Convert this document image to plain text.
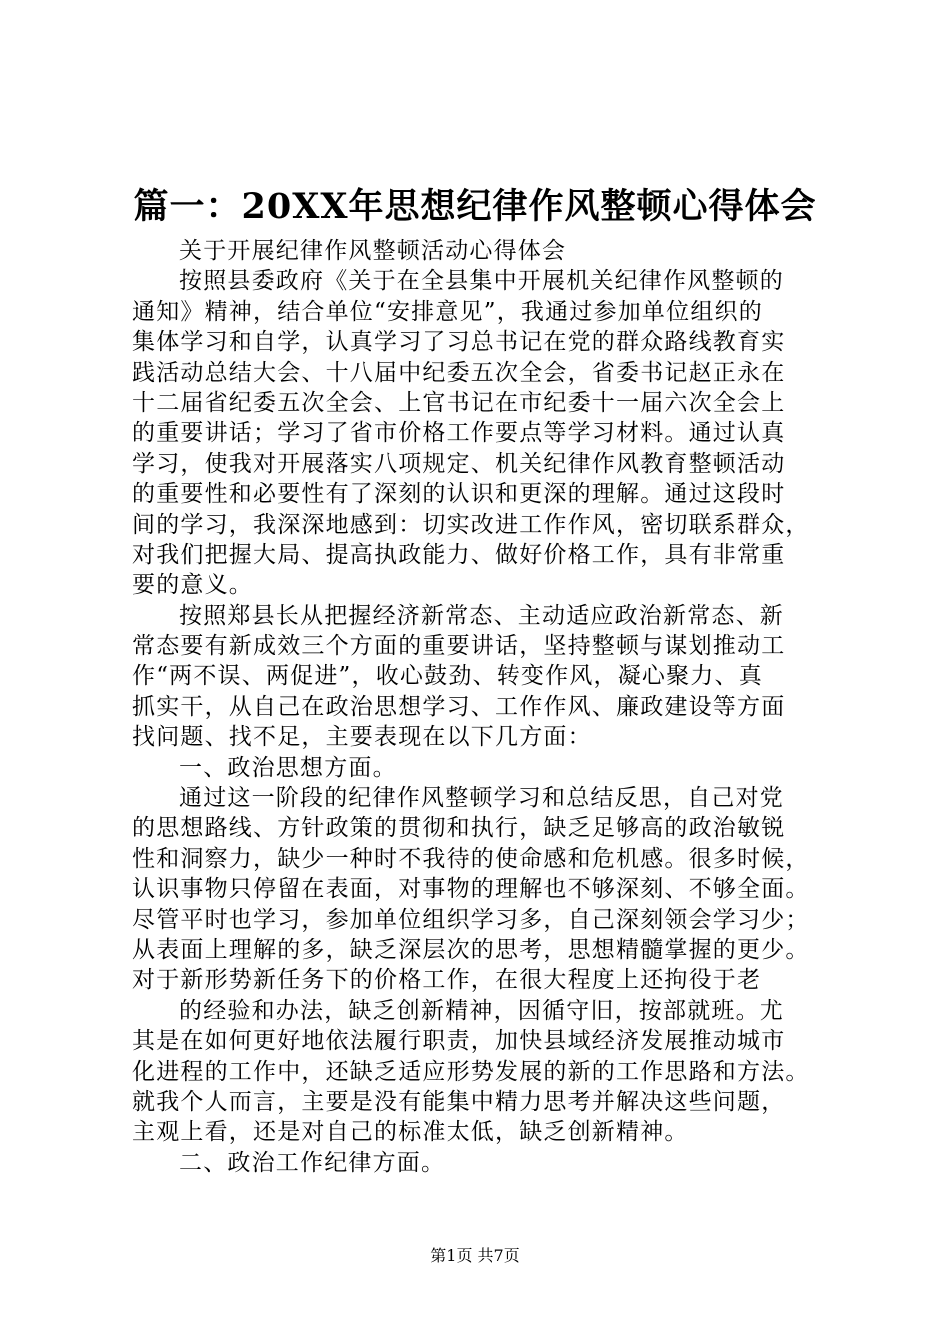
篇一：20XX年思想纪律作风整顿心得体会
关于开展纪律作风整顿活动心得体会
按照县委政府《关于在全县集中开展机关纪律作风整顿的
通知》精神，结合单位“安排意见”，我通过参加单位组织的
集体学习和自学，认真学习了习总书记在党的群众路线教育实
践活动总结大会、十八届中纪委五次全会，省委书记赵正永在
十二届省纪委五次全会、上官书记在市纪委十一届六次全会上
的重要讲话；学习了省市价格工作要点等学习材料。通过认真
学习，使我对开展落实八项规定、机关纪律作风教育整顿活动
的重要性和必要性有了深刻的认识和更深的理解。通过这段时
间的学习，我深深地感到：切实改进工作作风，密切联系群众，
对我们把握大局、提高执政能力、做好价格工作，具有非常重
要的意义。
按照郑县长从把握经济新常态、主动适应政治新常态、新
常态要有新成效三个方面的重要讲话，坚持整顿与谋划推动工
作“两不误、两促进”，收心鼓劲、转变作风，凝心聚力、真
抓实干，从自己在政治思想学习、工作作风、廉政建设等方面
找问题、找不足，主要表现在以下几方面：
一、政治思想方面。
通过这一阶段的纪律作风整顿学习和总结反思，自己对党
的思想路线、方针政策的贯彻和执行，缺乏足够高的政治敏锐
性和洞察力，缺少一种时不我待的使命感和危机感。很多时候，
认识事物只停留在表面，对事物的理解也不够深刻、不够全面。
尽管平时也学习，参加单位组织学习多，自己深刻领会学习少；
从表面上理解的多，缺乏深层次的思考，思想精髓掌握的更少。
对于新形势新任务下的价格工作，在很大程度上还拘役于老
的经验和办法，缺乏创新精神，因循守旧，按部就班。尤
其是在如何更好地依法履行职责，加快县域经济发展推动城市
化进程的工作中，还缺乏适应形势发展的新的工作思路和方法。
就我个人而言，主要是没有能集中精力思考并解决这些问题，
主观上看，还是对自己的标准太低，缺乏创新精神。
二、政治工作纪律方面。
第1页 共7页
